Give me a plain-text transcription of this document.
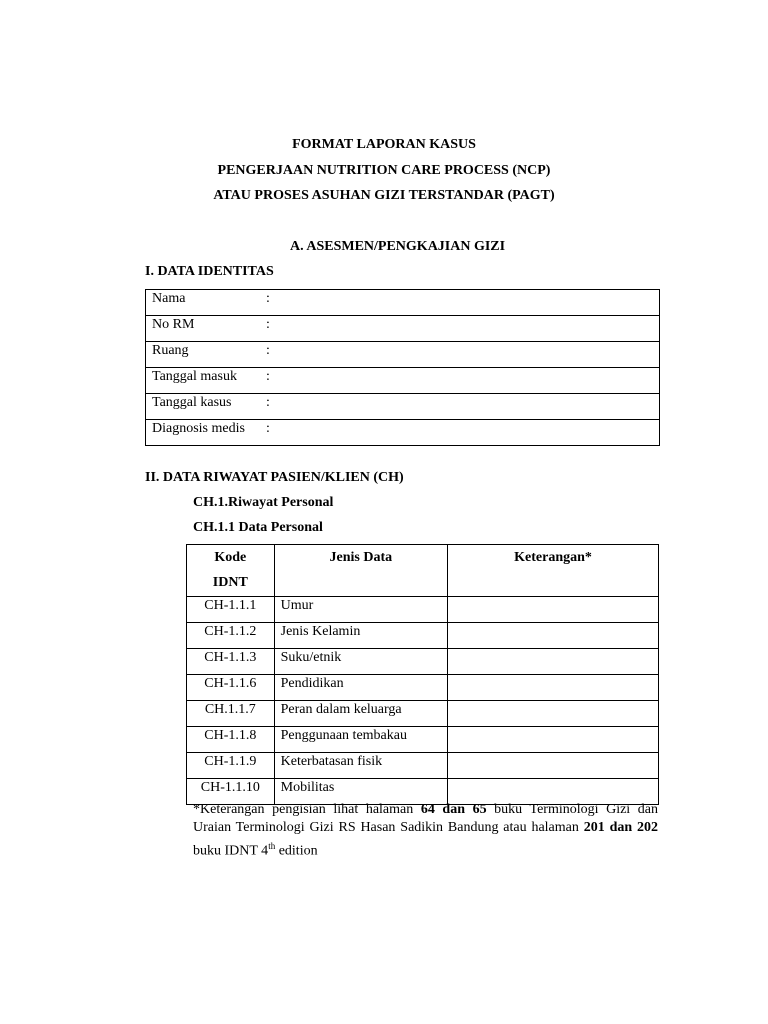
FORMAT LAPORAN KASUS
PENGERJAAN NUTRITION CARE PROCESS (NCP)
ATAU PROSES ASUHAN GIZI TERSTANDAR (PAGT)
A. ASESMEN/PENGKAJIAN GIZI
I. DATA IDENTITAS
Nama	:
No RM	:
Ruang	:
Tanggal masuk :
Tanggal kasus :
Diagnosis medis :
II. DATA RIWAYAT PASIEN/KLIEN (CH)
CH.1.Riwayat Personal
CH.1.1 Data Personal
Kode
IDNT	Jenis Data	Keterangan*
CH-1.1.1	Umur	
CH-1.1.2	Jenis Kelamin	
CH-1.1.3	Suku/etnik	
CH-1.1.6	Pendidikan	
CH.1.1.7	Peran dalam keluarga	
CH-1.1.8	Penggunaan tembakau	
CH-1.1.9	Keterbatasan fisik	
CH-1.1.10	Mobilitas	
*Keterangan pengisian lihat halaman 64 dan 65 buku Terminologi Gizi dan Uraian Terminologi Gizi RS Hasan Sadikin Bandung atau halaman 201 dan 202 buku IDNT 4th edition
